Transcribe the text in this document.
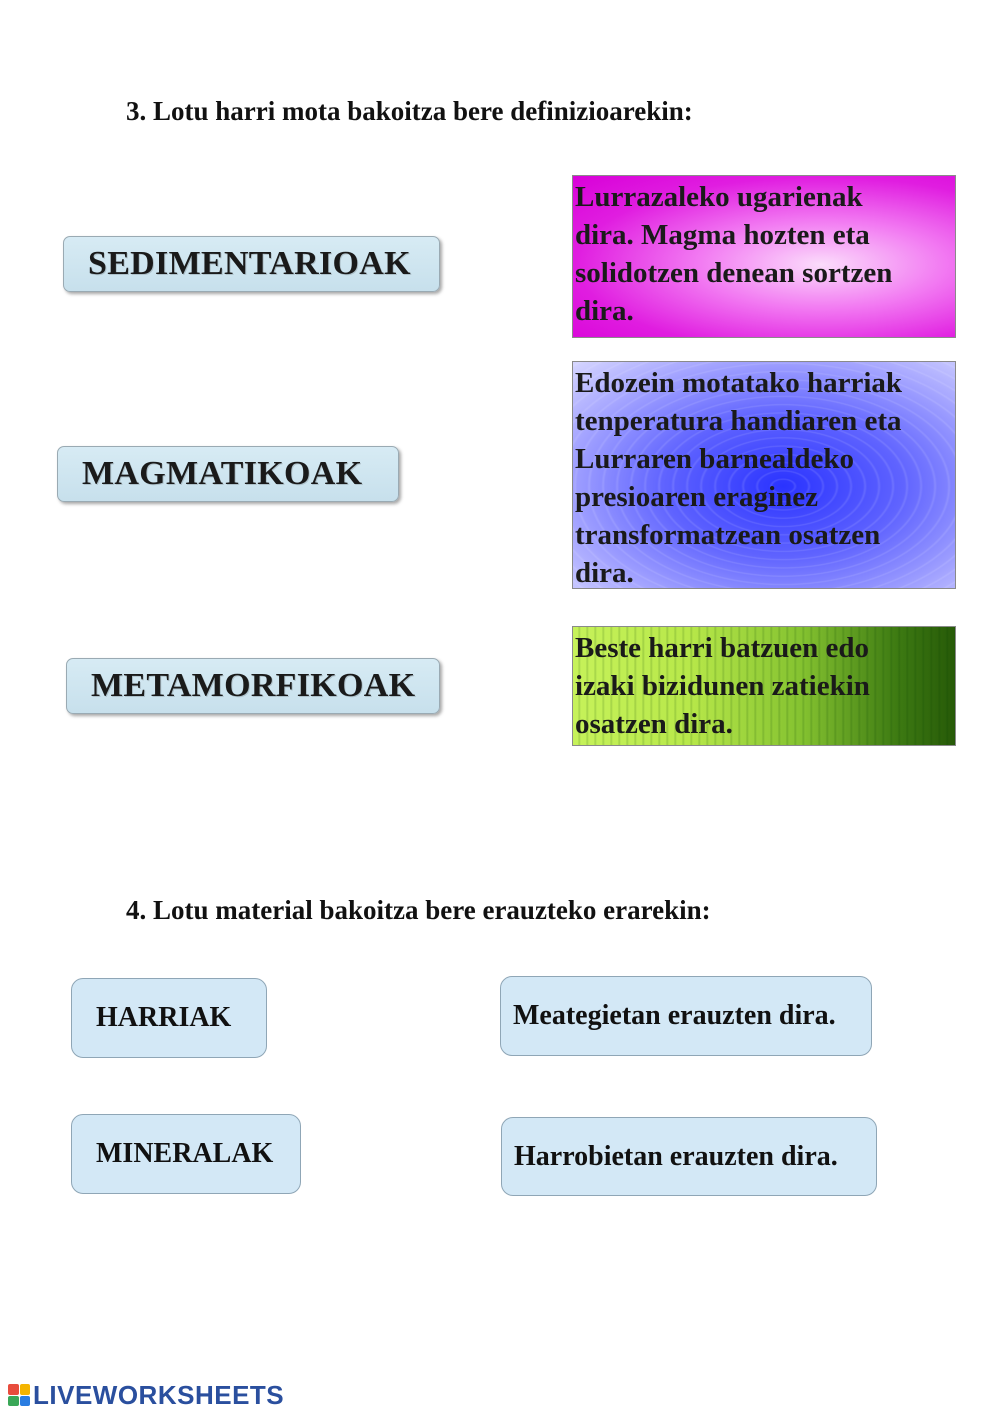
3. Lotu harri mota bakoitza bere definizioarekin:
SEDIMENTARIOAK
MAGMATIKOAK
METAMORFIKOAK
Lurrazaleko ugarienak
dira. Magma hozten eta
solidotzen denean sortzen
dira.
Edozein motatako harriak
tenperatura handiaren eta
Lurraren barnealdeko
presioaren eraginez
transformatzean osatzen
dira.
Beste harri batzuen edo
izaki bizidunen zatiekin
osatzen dira.
4. Lotu material bakoitza bere erauzteko erarekin:
HARRIAK
MINERALAK
Meategietan erauzten dira.
Harrobietan erauzten dira.
LIVEWORKSHEETS
